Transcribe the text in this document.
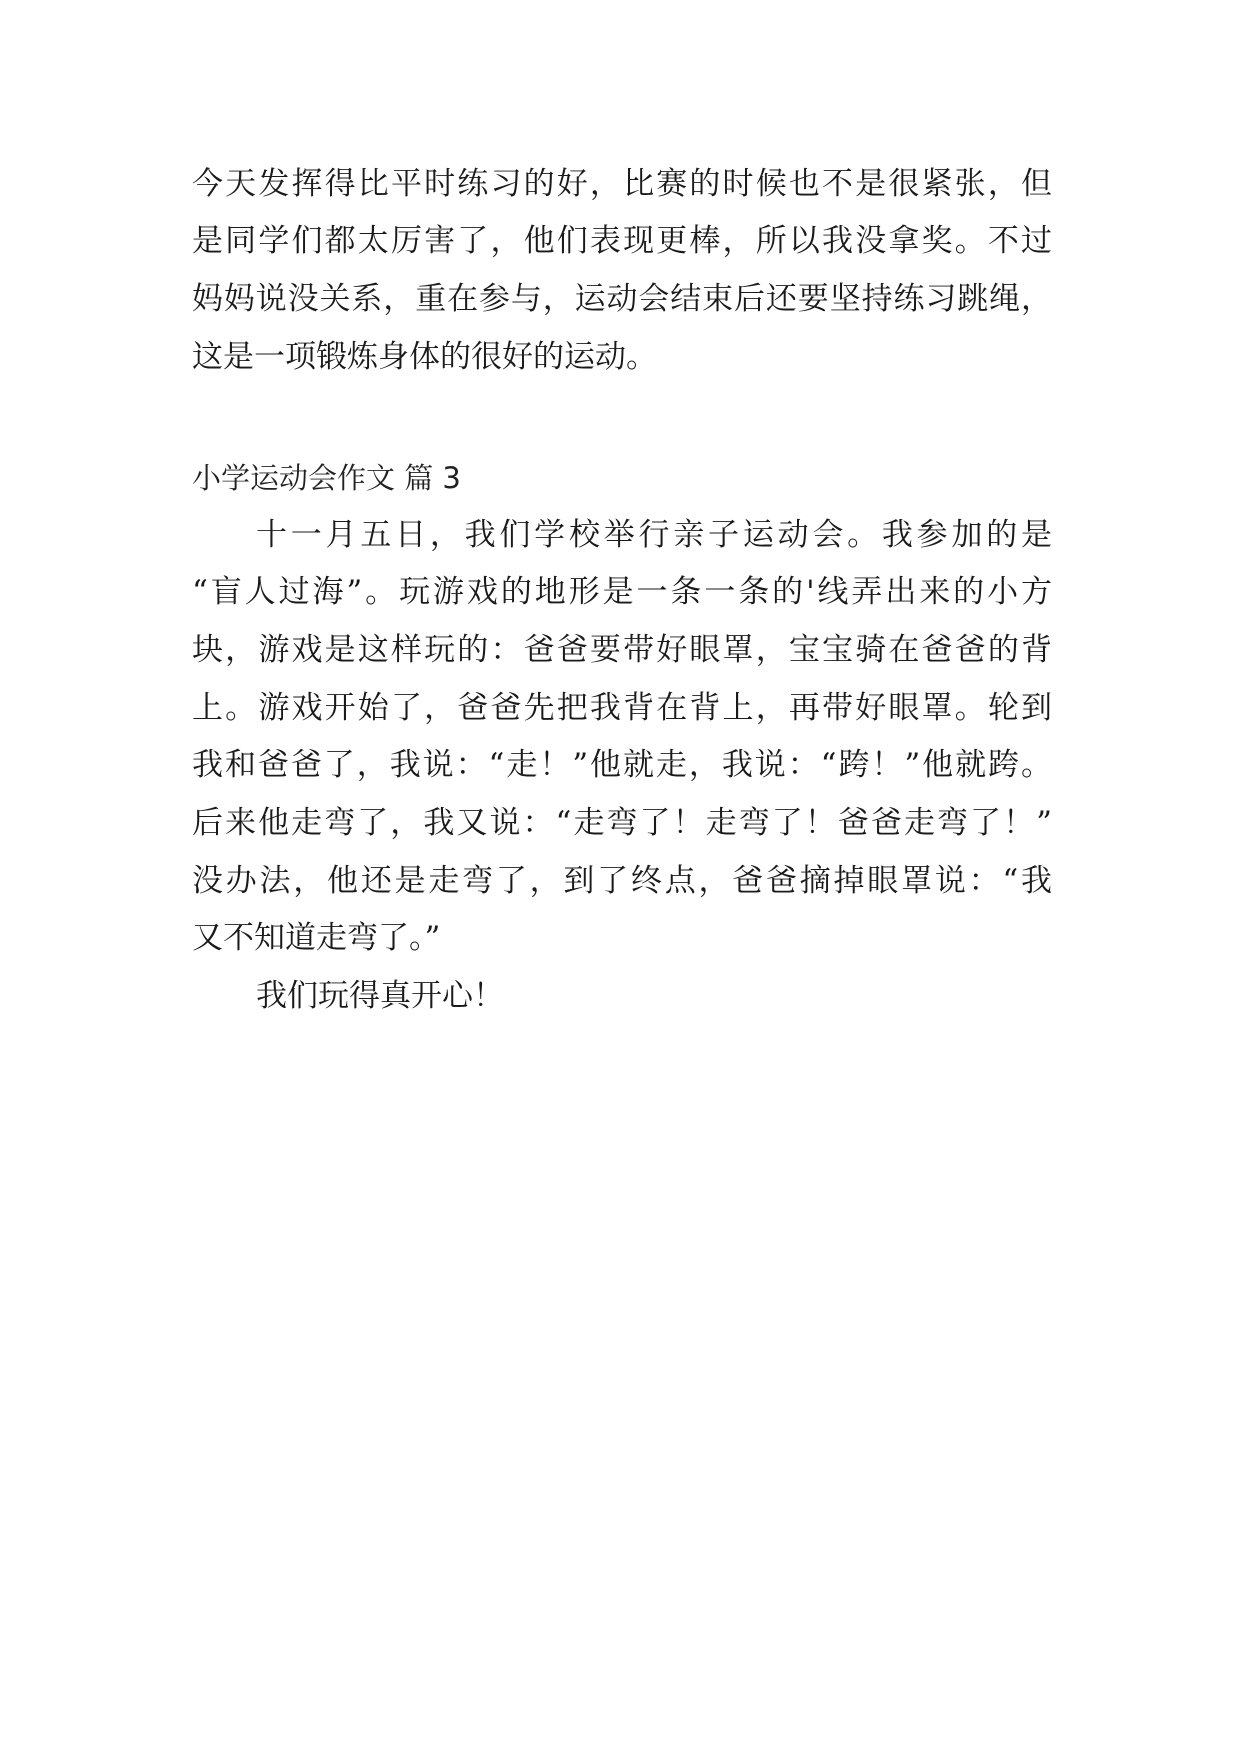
今天发挥得比平时练习的好，比赛的时候也不是很紧张，但
是同学们都太厉害了，他们表现更棒，所以我没拿奖。不过
妈妈说没关系，重在参与，运动会结束后还要坚持练习跳绳，
这是一项锻炼身体的很好的运动。
小学运动会作文 篇 3
十一月五日，我们学校举行亲子运动会。我参加的是
“盲人过海”。玩游戏的地形是一条一条的'线弄出来的小方
块，游戏是这样玩的：爸爸要带好眼罩，宝宝骑在爸爸的背
上。游戏开始了，爸爸先把我背在背上，再带好眼罩。轮到
我和爸爸了，我说：“走！”他就走，我说：“跨！”他就跨。
后来他走弯了，我又说：“走弯了！走弯了！爸爸走弯了！”
没办法，他还是走弯了，到了终点，爸爸摘掉眼罩说：“我
又不知道走弯了。”
我们玩得真开心！
